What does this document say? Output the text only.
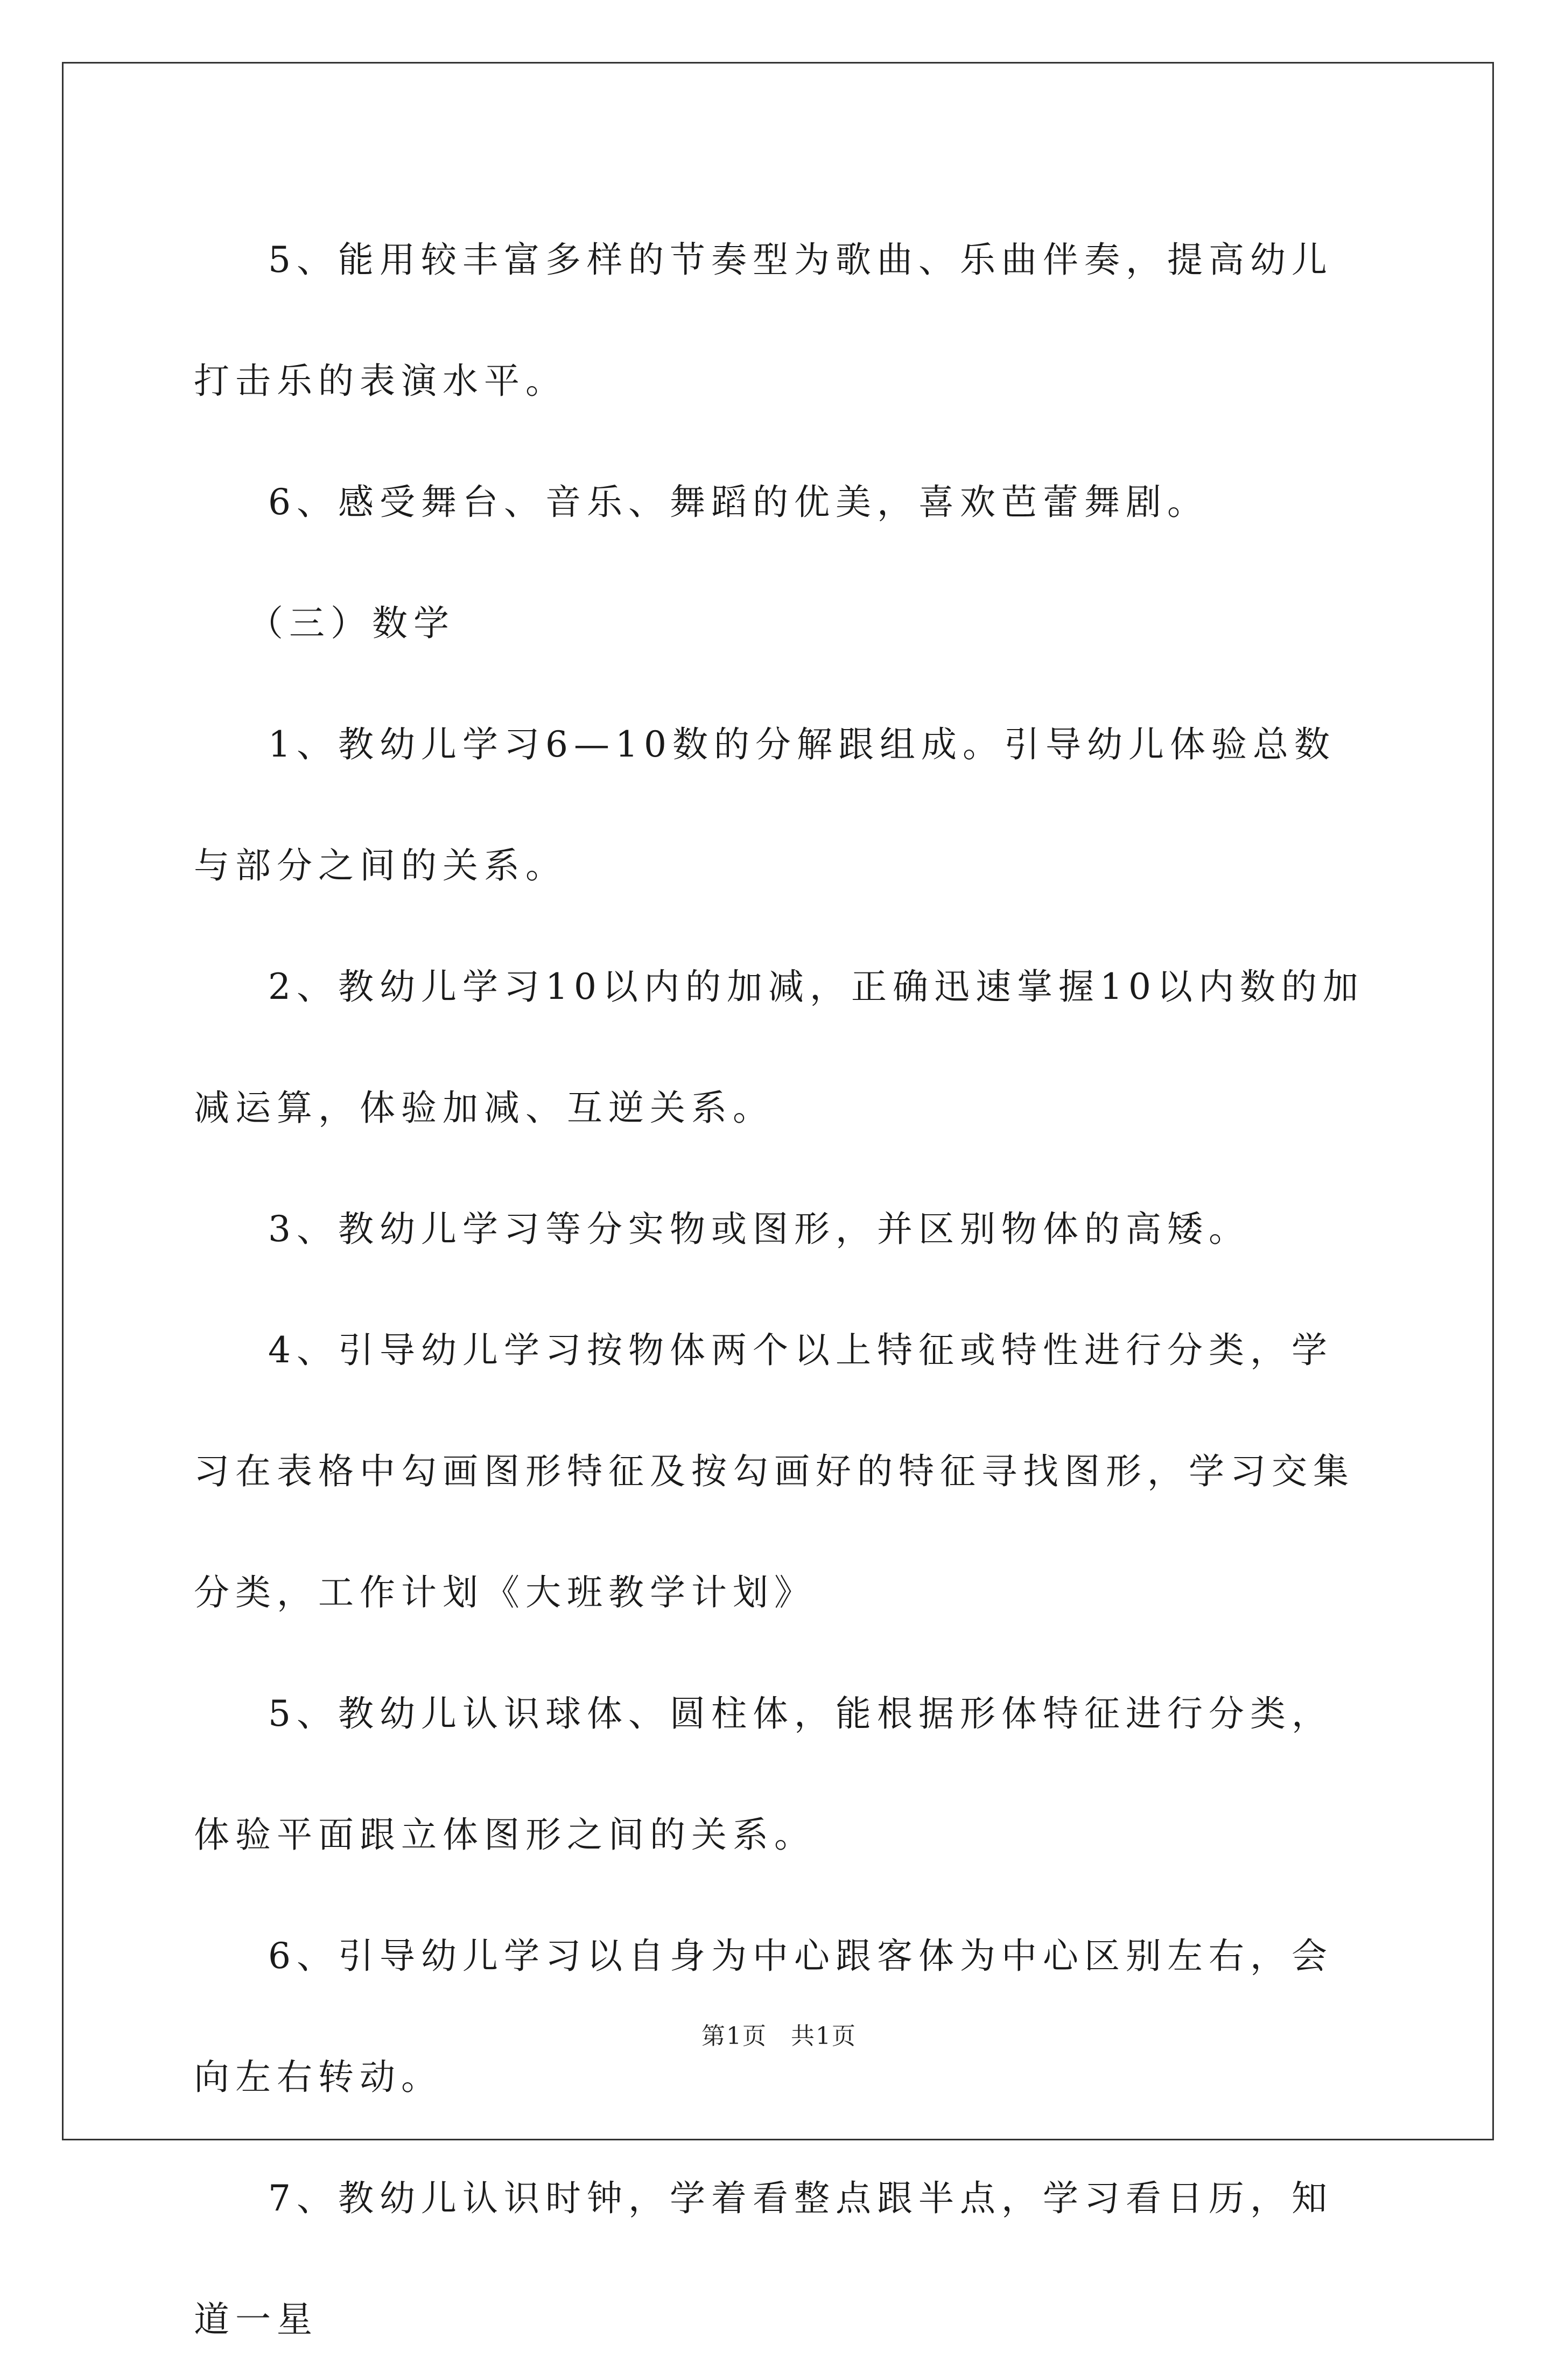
5、能用较丰富多样的节奏型为歌曲、乐曲伴奏，提高幼儿打击乐的表演水平。

6、感受舞台、音乐、舞蹈的优美，喜欢芭蕾舞剧。

（三）数学

1、教幼儿学习6—10数的分解跟组成。引导幼儿体验总数与部分之间的关系。

2、教幼儿学习10以内的加减，正确迅速掌握10以内数的加减运算，体验加减、互逆关系。

3、教幼儿学习等分实物或图形，并区别物体的高矮。

4、引导幼儿学习按物体两个以上特征或特性进行分类，学习在表格中勾画图形特征及按勾画好的特征寻找图形，学习交集分类，工作计划《大班教学计划》

5、教幼儿认识球体、圆柱体，能根据形体特征进行分类，体验平面跟立体图形之间的关系。

6、引导幼儿学习以自身为中心跟客体为中心区别左右，会向左右转动。

7、教幼儿认识时钟，学着看整点跟半点，学习看日历，知道一星

第1页 共1页
